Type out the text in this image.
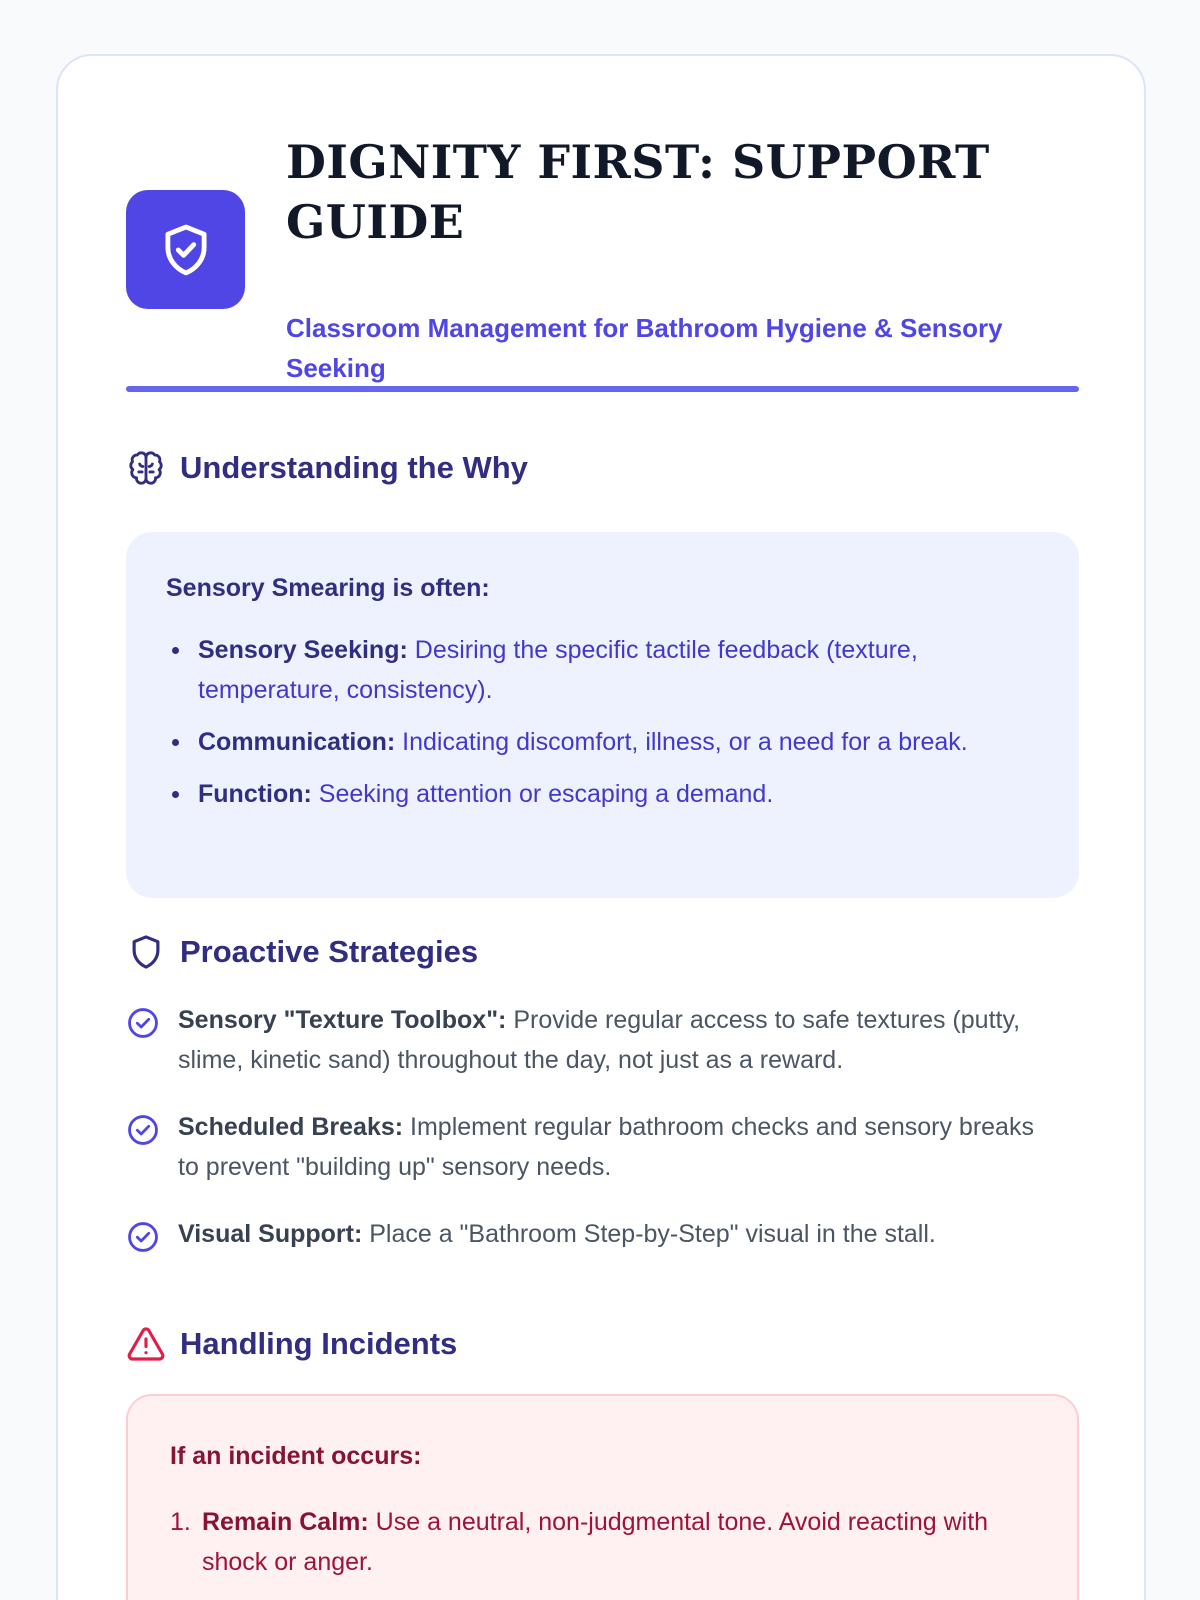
DIGNITY FIRST: SUPPORT GUIDE
Classroom Management for Bathroom Hygiene & Sensory Seeking
Understanding the Why
Sensory Smearing is often:
Sensory Seeking: Desiring the specific tactile feedback (texture, temperature, consistency).
Communication: Indicating discomfort, illness, or a need for a break.
Function: Seeking attention or escaping a demand.
Proactive Strategies
Sensory "Texture Toolbox": Provide regular access to safe textures (putty, slime, kinetic sand) throughout the day, not just as a reward.
Scheduled Breaks: Implement regular bathroom checks and sensory breaks to prevent "building up" sensory needs.
Visual Support: Place a "Bathroom Step-by-Step" visual in the stall.
Handling Incidents
If an incident occurs:
1. Remain Calm: Use a neutral, non-judgmental tone. Avoid reacting with shock or anger.
